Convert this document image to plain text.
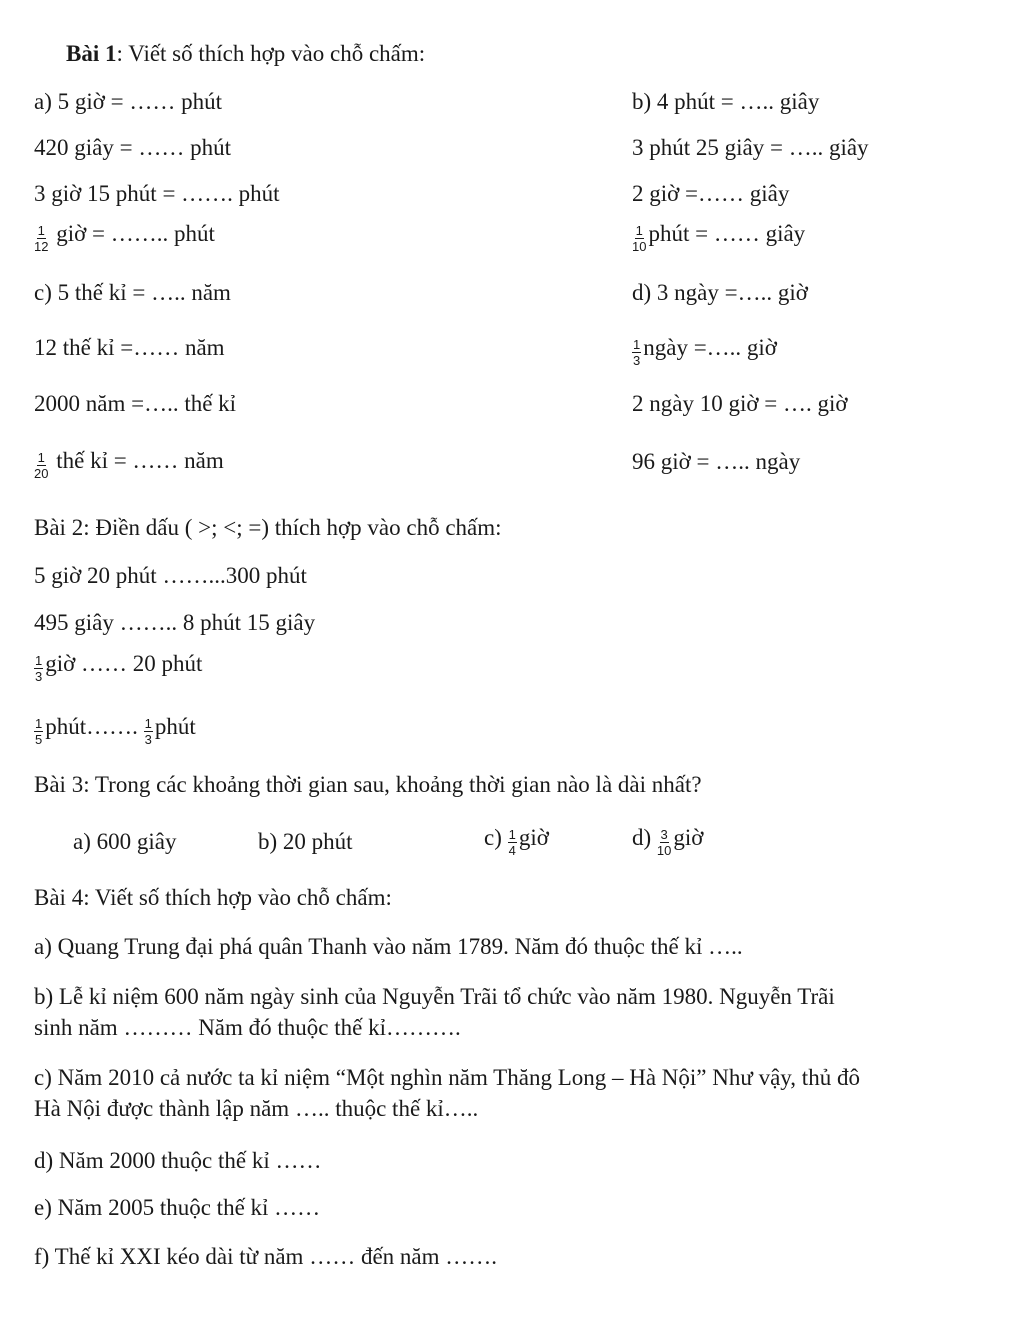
Bài 1: Viết số thích hợp vào chỗ chấm:
a) 5 giờ = …… phút
420 giây = …… phút
3 giờ 15 phút = ……. phút
$\frac{1}{12}$ giờ = …….. phút
b) 4 phút = ….. giây
3 phút 25 giây = ….. giây
2 giờ =…… giây
$\frac{1}{10}$ phút = …… giây
c) 5 thế kỉ = ….. năm
12 thế kỉ =…… năm
2000 năm =….. thế kỉ
$\frac{1}{20}$ thế kỉ = …… năm
d) 3 ngày =….. giờ
$\frac{1}{3}$ ngày =….. giờ
2 ngày 10 giờ = …. giờ
96 giờ = ….. ngày
Bài 2: Điền dấu ( >; <; =) thích hợp vào chỗ chấm:
5 giờ 20 phút ……...300 phút
495 giây …….. 8 phút 15 giây
$\frac{1}{3}$ giờ …… 20 phút
$\frac{1}{5}$ phút……. $\frac{1}{3}$ phút
Bài 3: Trong các khoảng thời gian sau, khoảng thời gian nào là dài nhất?
a) 600 giây	b) 20 phút	$c) \frac{1}{4}$ giờ	$d) \frac{3}{10}$ giờ
Bài 4: Viết số thích hợp vào chỗ chấm:
a) Quang Trung đại phá quân Thanh vào năm 1789. Năm đó thuộc thế kỉ …..
b) Lễ kỉ niệm 600 năm ngày sinh của Nguyễn Trãi tổ chức vào năm 1980. Nguyễn Trãi
sinh năm ……… Năm đó thuộc thế kỉ……….
c) Năm 2010 cả nước ta kỉ niệm “Một nghìn năm Thăng Long – Hà Nội” Như vậy, thủ đô
Hà Nội được thành lập năm ….. thuộc thế kỉ…..
d) Năm 2000 thuộc thế kỉ ……
e) Năm 2005 thuộc thế kỉ ……
f) Thế kỉ XXI kéo dài từ năm …… đến năm …….
